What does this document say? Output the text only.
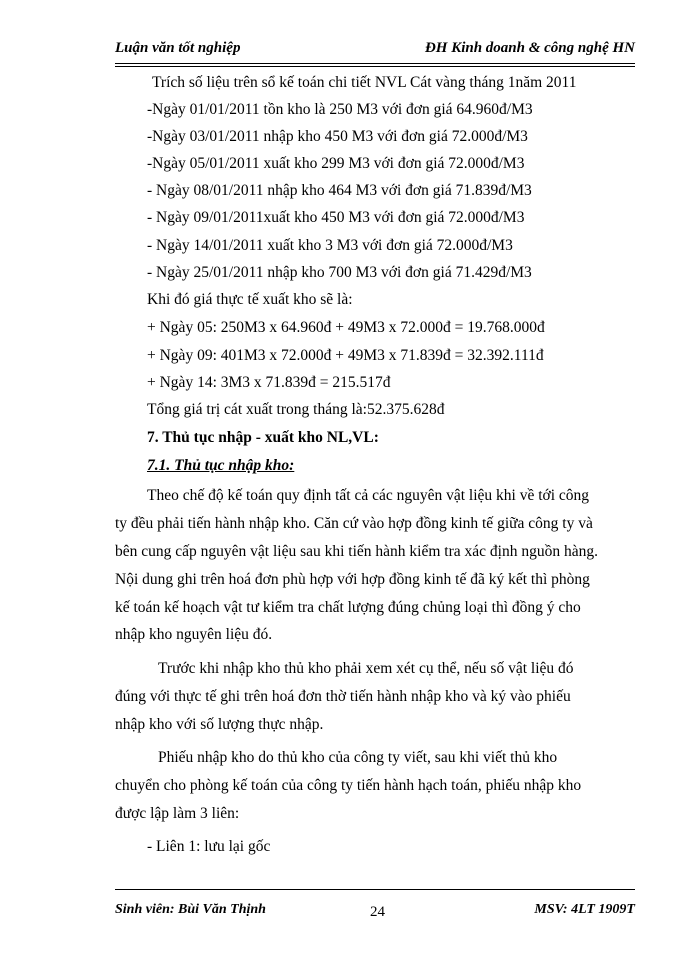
Luận văn tốt nghiệp	ĐH Kinh doanh & công nghệ HN
Trích số liệu trên sổ kế toán chi tiết NVL Cát vàng tháng 1năm 2011
-Ngày 01/01/2011 tồn kho là 250 M3 với đơn giá 64.960đ/M3
-Ngày 03/01/2011 nhập kho 450 M3 với đơn giá 72.000đ/M3
-Ngày 05/01/2011 xuất kho 299 M3 với đơn giá 72.000đ/M3
- Ngày 08/01/2011 nhập kho 464 M3 với đơn giá 71.839đ/M3
- Ngày 09/01/2011xuất kho 450 M3 với đơn giá 72.000đ/M3
- Ngày 14/01/2011 xuất kho 3 M3 với đơn giá 72.000đ/M3
- Ngày 25/01/2011 nhập kho 700 M3 với đơn giá 71.429đ/M3
Khi đó giá thực tế xuất kho sẽ là:
+ Ngày 05: 250M3 x 64.960đ + 49M3 x 72.000đ = 19.768.000đ
+ Ngày 09: 401M3 x 72.000đ + 49M3 x 71.839đ = 32.392.111đ
+ Ngày 14: 3M3 x 71.839đ = 215.517đ
Tổng giá trị cát xuất trong tháng là:52.375.628đ
7. Thủ tục nhập - xuất kho NL,VL:
7.1. Thủ tục nhập kho:
Theo chế độ kế toán quy định tất cả các nguyên vật liệu khi về tới công
ty đều phải tiến hành nhập kho. Căn cứ vào hợp đồng kinh tế giữa công ty và
bên cung cấp nguyên vật liệu sau khi tiến hành kiểm tra xác định nguồn hàng.
Nội dung ghi trên hoá đơn phù hợp với hợp đồng kinh tế đã ký kết thì phòng
kế toán kế hoạch vật tư kiểm tra chất lượng đúng chủng loại thì đồng ý cho
nhập kho nguyên liệu đó.
Trước khi nhập kho thủ kho phải xem xét cụ thể, nếu số vật liệu đó
đúng với thực tế ghi trên hoá đơn thờ tiến hành nhập kho và ký vào phiếu
nhập kho với số lượng thực nhập.
Phiếu nhập kho do thủ kho của công ty viết, sau khi viết thủ kho
chuyển cho phòng kế toán của công ty tiến hành hạch toán, phiếu nhập kho
được lập làm 3 liên:
- Liên 1: lưu lại gốc
Sinh viên: Bùi Văn Thịnh	24	MSV: 4LT 1909T
